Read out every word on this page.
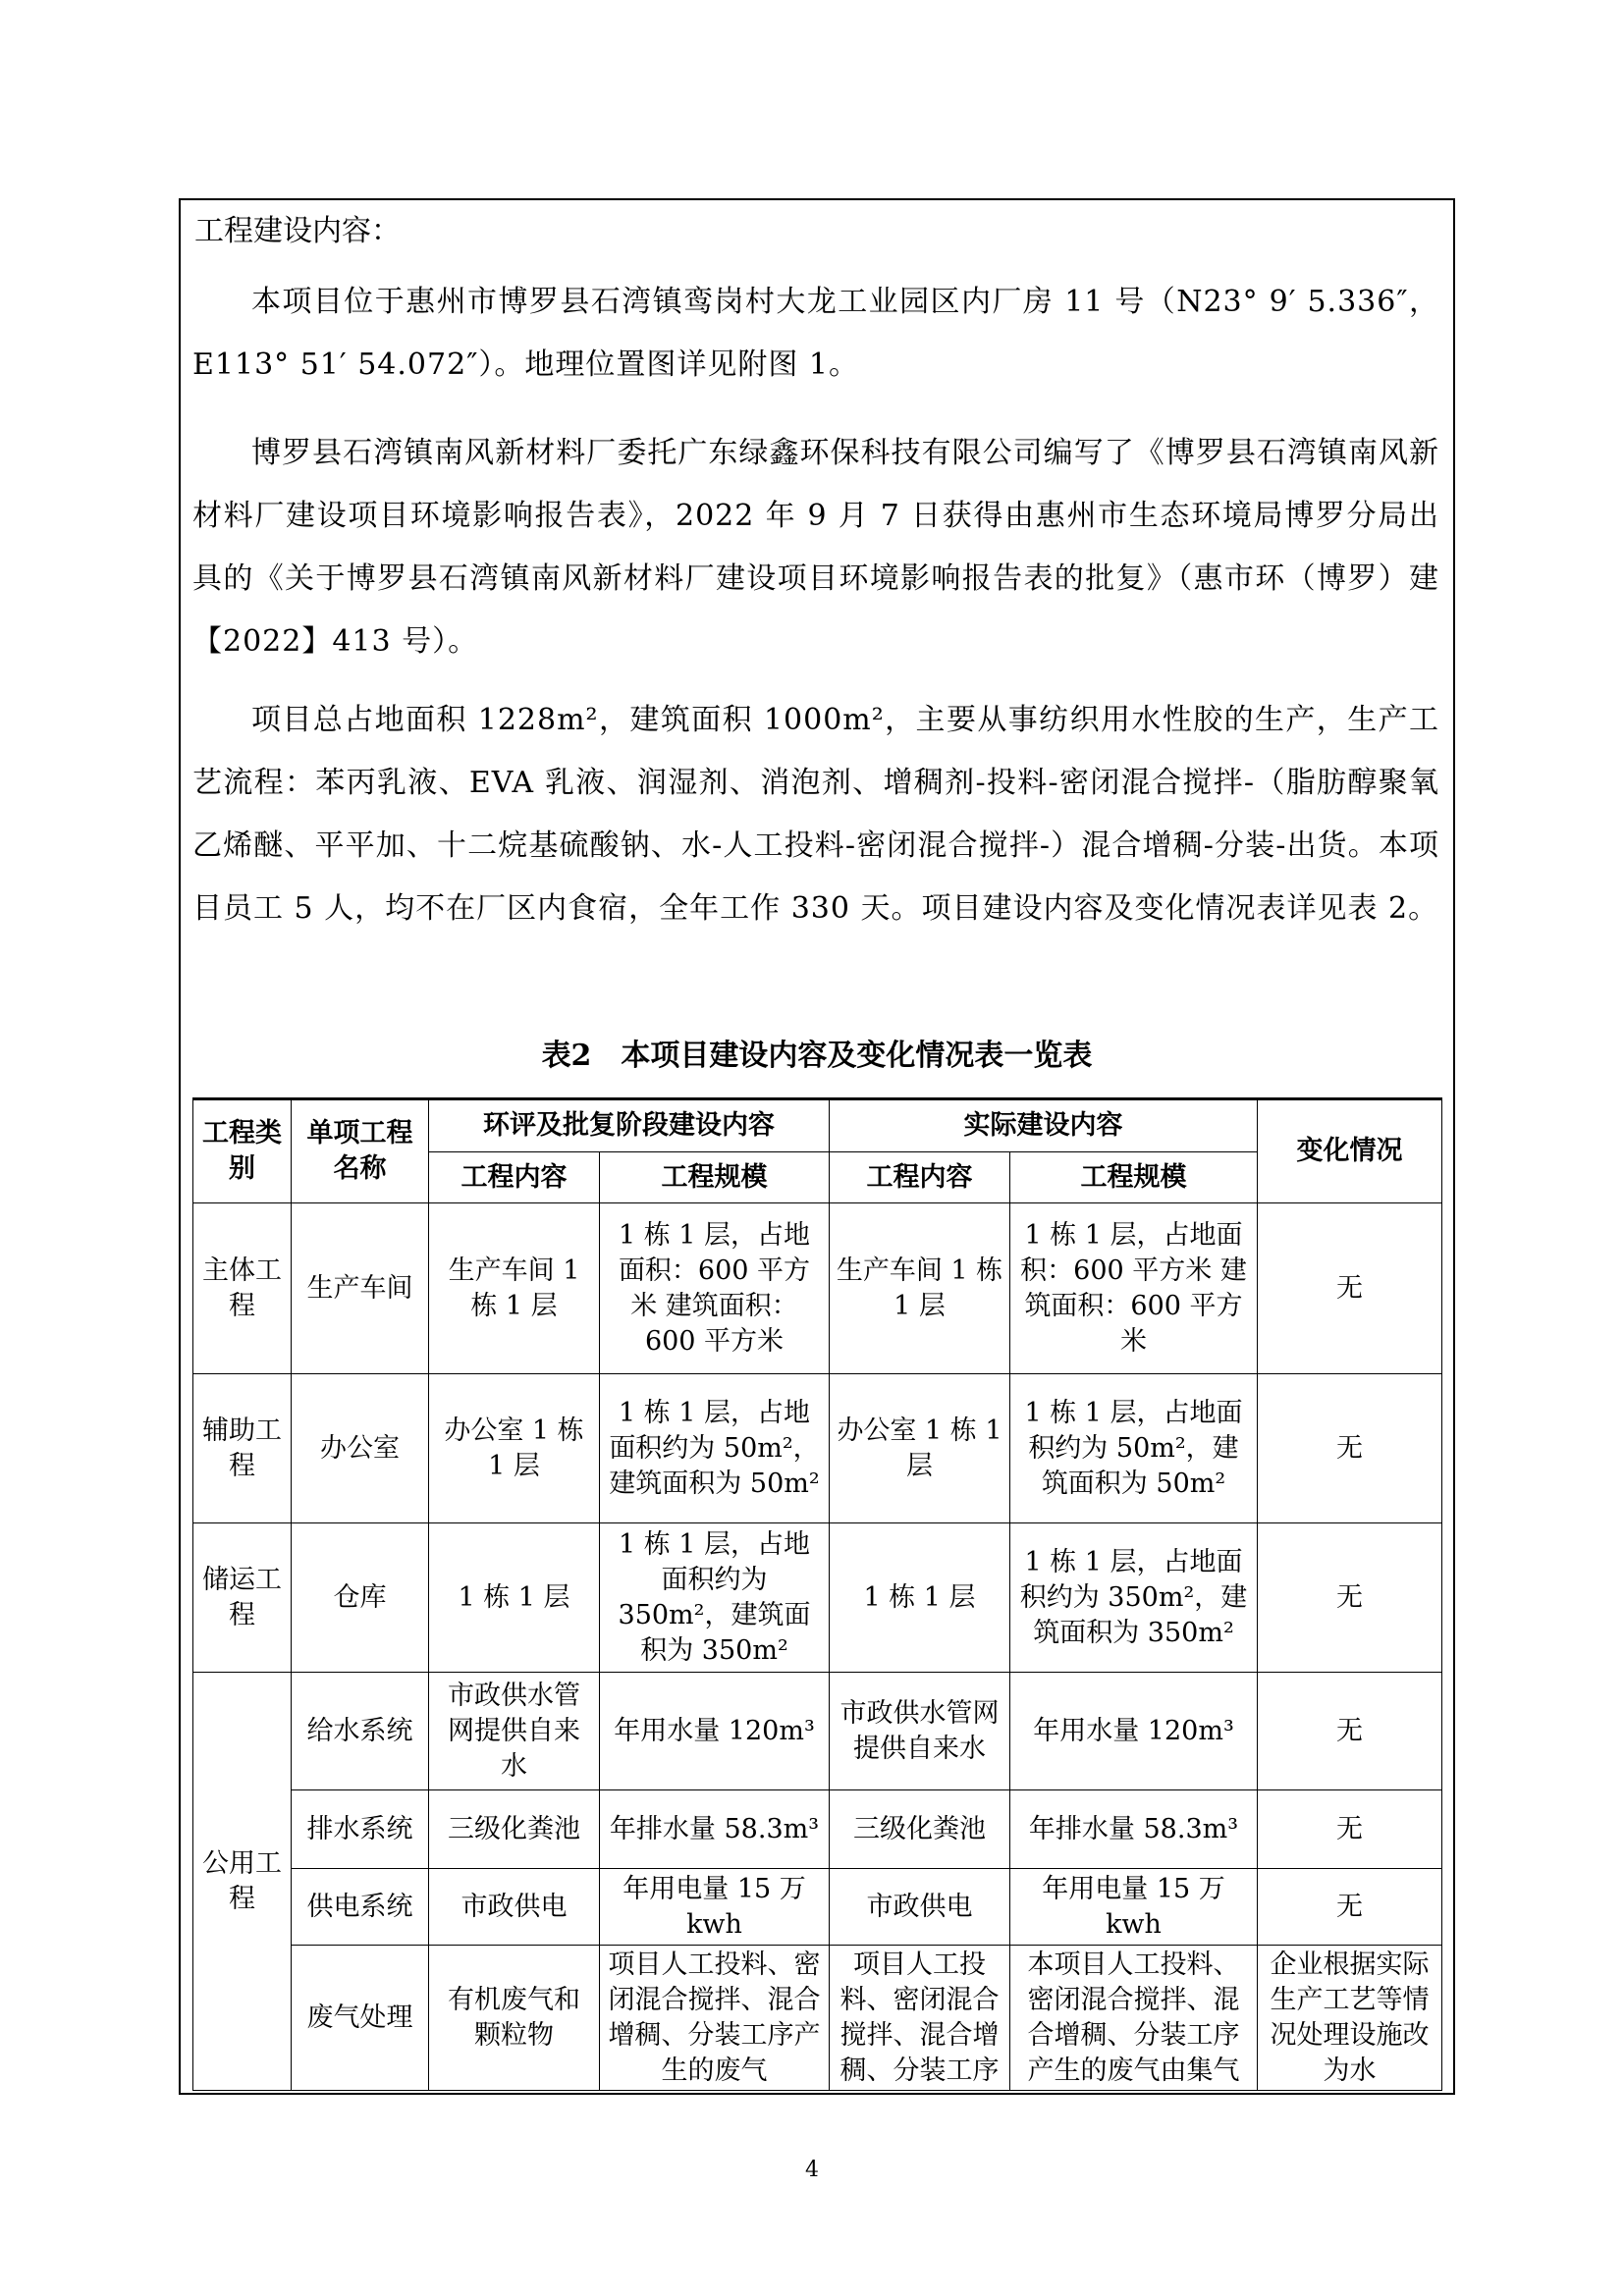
工程建设内容：

本项目位于惠州市博罗县石湾镇鸾岗村大龙工业园区内厂房 11 号（N23° 9′ 5.336″，E113° 51′ 54.072″）。地理位置图详见附图 1。

博罗县石湾镇南风新材料厂委托广东绿鑫环保科技有限公司编写了《博罗县石湾镇南风新材料厂建设项目环境影响报告表》，2022 年 9 月 7 日获得由惠州市生态环境局博罗分局出具的《关于博罗县石湾镇南风新材料厂建设项目环境影响报告表的批复》（惠市环（博罗）建【2022】413 号）。

项目总占地面积 1228m²，建筑面积 1000m²，主要从事纺织用水性胶的生产，生产工艺流程：苯丙乳液、EVA 乳液、润湿剂、消泡剂、增稠剂-投料-密闭混合搅拌-（脂肪醇聚氧乙烯醚、平平加、十二烷基硫酸钠、水-人工投料-密闭混合搅拌-）混合增稠-分装-出货。本项目员工 5 人，均不在厂区内食宿，全年工作 330 天。项目建设内容及变化情况表详见表 2。

表2　本项目建设内容及变化情况表一览表
工程类别	单项工程名称	环评及批复阶段建设内容		实际建设内容		变化情况
		工程内容	工程规模	工程内容	工程规模	
主体工程	生产车间	生产车间 1 栋 1 层	1 栋 1 层，占地面积：600 平方米 建筑面积：600 平方米	生产车间 1 栋 1 层	1 栋 1 层，占地面积：600 平方米 建筑面积：600 平方米	无
辅助工程	办公室	办公室 1 栋 1 层	1 栋 1 层，占地面积约为 50m²，建筑面积为 50m²	办公室 1 栋 1 层	1 栋 1 层，占地面积约为 50m²，建筑面积为 50m²	无
储运工程	仓库	1 栋 1 层	1 栋 1 层，占地面积约为 350m²，建筑面积为 350m²	1 栋 1 层	1 栋 1 层，占地面积约为 350m²，建筑面积为 350m²	无
公用工程	给水系统	市政供水管网提供自来水	年用水量 120m³	市政供水管网提供自来水	年用水量 120m³	无
	排水系统	三级化粪池	年排水量 58.3m³	三级化粪池	年排水量 58.3m³	无
	供电系统	市政供电	年用电量 15 万 kwh	市政供电	年用电量 15 万 kwh	无
	废气处理	有机废气和颗粒物	项目人工投料、密闭混合搅拌、混合增稠、分装工序产生的废气	项目人工投料、密闭混合搅拌、混合增稠、分装工序	本项目人工投料、密闭混合搅拌、混合增稠、分装工序产生的废气由集气	企业根据实际生产工艺等情况处理设施改为水
4
